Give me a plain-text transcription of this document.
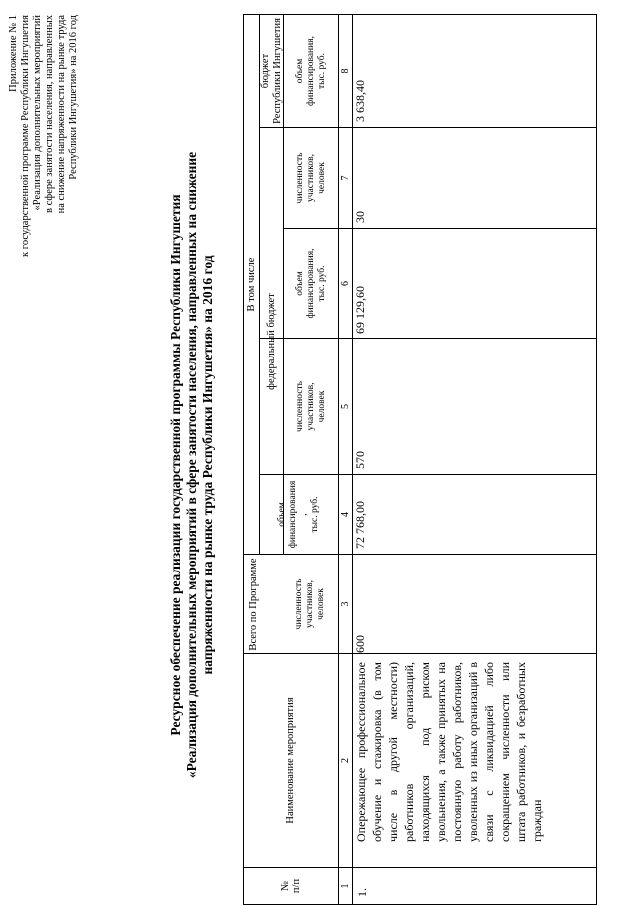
Приложение № 1 к государственной программе Республики Ингушетия «Реализация дополнительных мероприятий в сфере занятости населения, направленных на снижение напряженности на рынке труда Республики Ингушетия» на 2016 год
Ресурсное обеспечение реализации государственной программы Республики Ингушетия «Реализация дополнительных мероприятий в сфере занятости населения, направленных на снижение напряженности на рынке труда Республики Ингушетия» на 2016 год
№
п/п
Наименование мероприятия
Всего по Программе
В том числе
федеральный бюджет
бюджет
Республики Ингушетия
численность
участников,
человек
объем
финансирования
,
тыс. руб.
численность
участников,
человек
объем
финансирования,
тыс. руб.
численность
участников,
человек
объем
финансирования,
тыс. руб.
1
2
3
4
5
6
7
8
1.
Опережающее профессиональное обучение и стажировка (в том числе в другой местности) работников организаций, находящихся под риском увольнения, а также принятых на постоянную работу работников, уволенных из иных организаций в связи с ликвидацией либо сокращением численности или штата работников, и безработных граждан
600
72 768,00
570
69 129,60
30
3 638,40
